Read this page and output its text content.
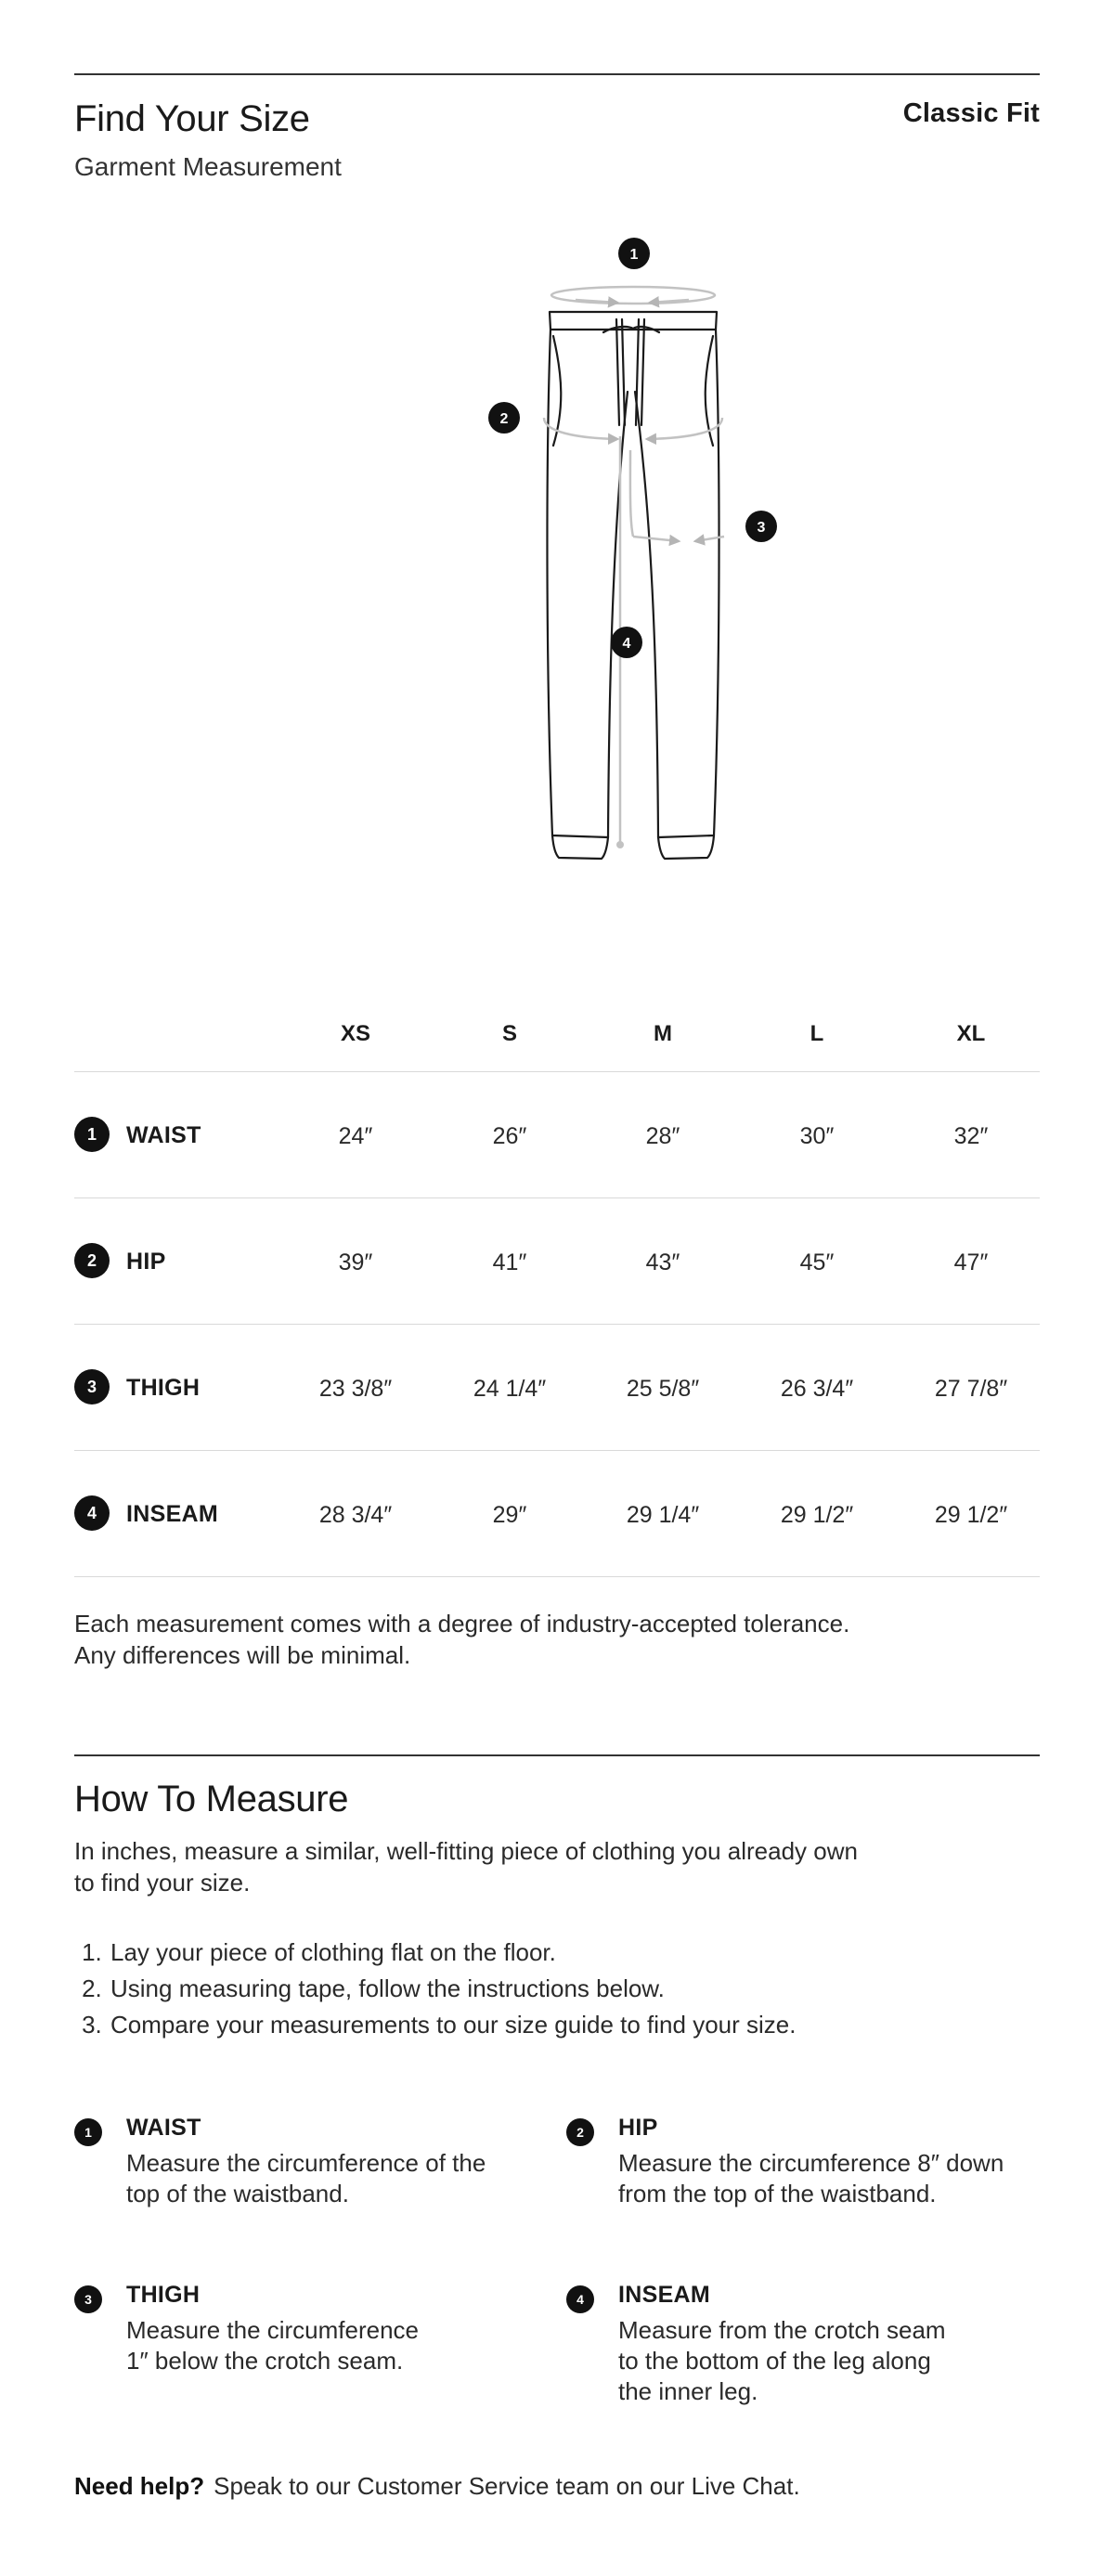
Find Your Size	Classic Fit
Garment Measurement
1
2
3
4
XS	S	M	L	XL
1	WAIST	24″	26″	28″	30″	32″
2	HIP	39″	41″	43″	45″	47″
3	THIGH	23 3/8″	24 1/4″	25 5/8″	26 3/4″	27 7/8″
4	INSEAM	28 3/4″	29″	29 1/4″	29 1/2″	29 1/2″
Each measurement comes with a degree of industry-accepted tolerance.
Any differences will be minimal.
How To Measure
In inches, measure a similar, well-fitting piece of clothing you already own
to find your size.
1. Lay your piece of clothing flat on the floor.
2. Using measuring tape, follow the instructions below.
3. Compare your measurements to our size guide to find your size.
1	WAIST
Measure the circumference of the
top of the waistband.
2	HIP
Measure the circumference 8″ down
from the top of the waistband.
3	THIGH
Measure the circumference
1″ below the crotch seam.
4	INSEAM
Measure from the crotch seam
to the bottom of the leg along
the inner leg.
Need help? Speak to our Customer Service team on our Live Chat.
